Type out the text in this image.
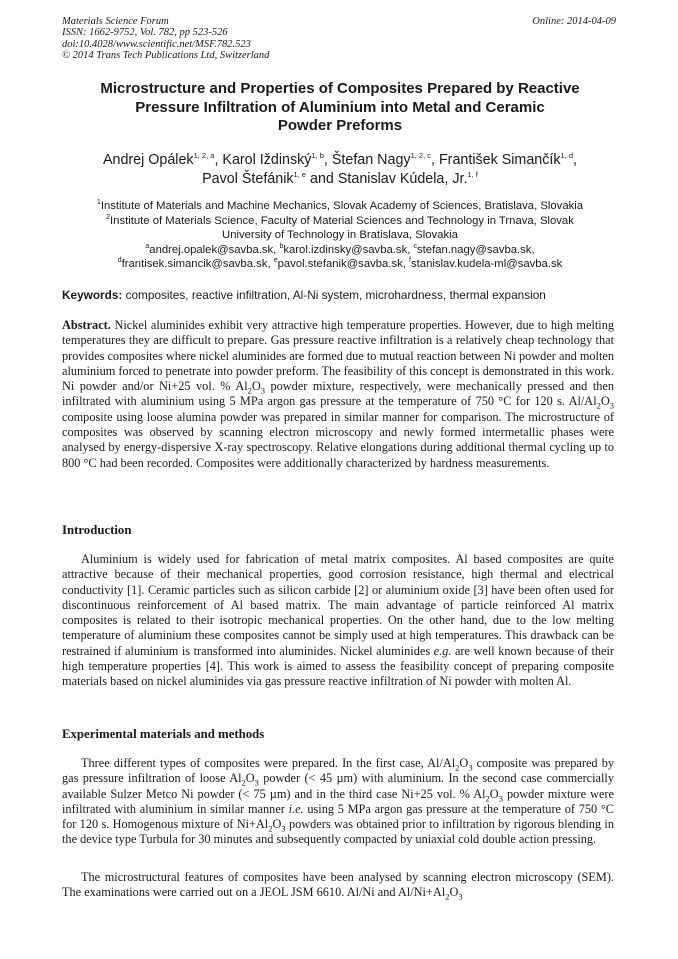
Materials Science Forum
ISSN: 1662-9752, Vol. 782, pp 523-526
doi:10.4028/www.scientific.net/MSF.782.523
© 2014 Trans Tech Publications Ltd, Switzerland
Online: 2014-04-09
Microstructure and Properties of Composites Prepared by Reactive
Pressure Infiltration of Aluminium into Metal and Ceramic
Powder Preforms
Andrej Opálek$^{1, 2, a}$, Karol Iždinský$^{1, b}$, Štefan Nagy$^{1, 2, c}$, František Simančík$^{1, d}$,
Pavol Štefánik$^{1, e}$ and Stanislav Kúdela, Jr.$^{1, f}$
$^1$Institute of Materials and Machine Mechanics, Slovak Academy of Sciences, Bratislava, Slovakia
$^2$Institute of Materials Science, Faculty of Material Sciences and Technology in Trnava, Slovak
University of Technology in Bratislava, Slovakia
$^a$andrej.opalek@savba.sk, $^b$karol.izdinsky@savba.sk, $^c$stefan.nagy@savba.sk,
$^d$frantisek.simancik@savba.sk, $^e$pavol.stefanik@savba.sk, $^f$stanislav.kudela-ml@savba.sk
Keywords: composites, reactive infiltration, Al-Ni system, microhardness, thermal expansion
Abstract. Nickel aluminides exhibit very attractive high temperature properties. However, due to high melting temperatures they are difficult to prepare. Gas pressure reactive infiltration is a relatively cheap technology that provides composites where nickel aluminides are formed due to mutual reaction between Ni powder and molten aluminium forced to penetrate into powder preform. The feasibility of this concept is demonstrated in this work. Ni powder and/or Ni+25 vol. % $Al_2O_3$ powder mixture, respectively, were mechanically pressed and then infiltrated with aluminium using 5 MPa argon gas pressure at the temperature of 750 °C for 120 s. $Al/Al_2O_3$ composite using loose alumina powder was prepared in similar manner for comparison. The microstructure of composites was observed by scanning electron microscopy and newly formed intermetallic phases were analysed by energy-dispersive X-ray spectroscopy. Relative elongations during additional thermal cycling up to 800 °C had been recorded. Composites were additionally characterized by hardness measurements.
Introduction
Aluminium is widely used for fabrication of metal matrix composites. Al based composites are quite attractive because of their mechanical properties, good corrosion resistance, high thermal and electrical conductivity [1]. Ceramic particles such as silicon carbide [2] or aluminium oxide [3] have been often used for discontinuous reinforcement of Al based matrix. The main advantage of particle reinforced Al matrix composites is related to their isotropic mechanical properties. On the other hand, due to the low melting temperature of aluminium these composites cannot be simply used at high temperatures. This drawback can be restrained if aluminium is transformed into aluminides. Nickel aluminides e.g. are well known because of their high temperature properties [4]. This work is aimed to assess the feasibility concept of preparing composite materials based on nickel aluminides via gas pressure reactive infiltration of Ni powder with molten Al.
Experimental materials and methods
Three different types of composites were prepared. In the first case, $Al/Al_2O_3$ composite was prepared by gas pressure infiltration of loose $Al_2O_3$ powder (< 45 µm) with aluminium. In the second case commercially available Sulzer Metco Ni powder (< 75 µm) and in the third case Ni+25 vol. % $Al_2O_3$ powder mixture were infiltrated with aluminium in similar manner i.e. using 5 MPa argon gas pressure at the temperature of 750 °C for 120 s. Homogenous mixture of $Ni+Al_2O_3$ powders was obtained prior to infiltration by rigorous blending in the device type Turbula for 30 minutes and subsequently compacted by uniaxial cold double action pressing.
The microstructural features of composites have been analysed by scanning electron microscopy (SEM). The examinations were carried out on a JEOL JSM 6610. Al/Ni and $Al/Ni+Al_2O_3$
